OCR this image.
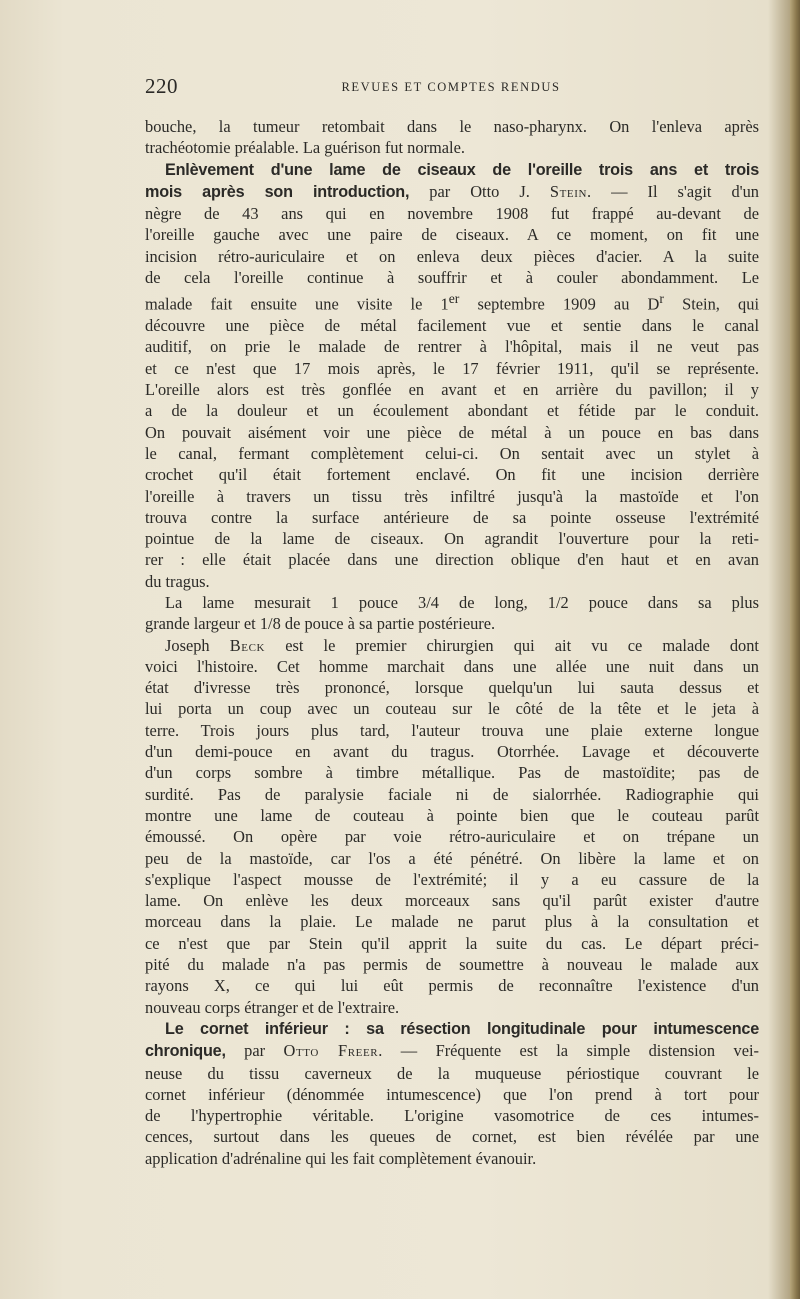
220	REVUES ET COMPTES RENDUS

bouche, la tumeur retombait dans le naso-pharynx. On l'enleva après

trachéotomie préalable. La guérison fut normale.

Enlèvement d'une lame de ciseaux de l'oreille trois ans et trois

mois après son introduction, par Otto J. Stein. — Il s'agit d'un

nègre de 43 ans qui en novembre 1908 fut frappé au-devant de

l'oreille gauche avec une paire de ciseaux. A ce moment, on fit une

incision rétro-auriculaire et on enleva deux pièces d'acier. A la suite

de cela l'oreille continue à souffrir et à couler abondamment. Le

malade fait ensuite une visite le 1er septembre 1909 au $D^r$ Stein, qui

découvre une pièce de métal facilement vue et sentie dans le canal

auditif, on prie le malade de rentrer à l'hôpital, mais il ne veut pas

et ce n'est que 17 mois après, le 17 février 1911, qu'il se représente.

L'oreille alors est très gonflée en avant et en arrière du pavillon; il y

a de la douleur et un écoulement abondant et fétide par le conduit.

On pouvait aisément voir une pièce de métal à un pouce en bas dans

le canal, fermant complètement celui-ci. On sentait avec un stylet à

crochet qu'il était fortement enclavé. On fit une incision derrière

l'oreille à travers un tissu très infiltré jusqu'à la mastoïde et l'on

trouva contre la surface antérieure de sa pointe osseuse l'extrémité

pointue de la lame de ciseaux. On agrandit l'ouverture pour la reti-

rer : elle était placée dans une direction oblique d'en haut et en avan

du tragus.

La lame mesurait 1 pouce 3/4 de long, 1/2 pouce dans sa plus

grande largeur et 1/8 de pouce à sa partie postérieure.

Joseph Beck est le premier chirurgien qui ait vu ce malade dont

voici l'histoire. Cet homme marchait dans une allée une nuit dans un

état d'ivresse très prononcé, lorsque quelqu'un lui sauta dessus et

lui porta un coup avec un couteau sur le côté de la tête et le jeta à

terre. Trois jours plus tard, l'auteur trouva une plaie externe longue

d'un demi-pouce en avant du tragus. Otorrhée. Lavage et découverte

d'un corps sombre à timbre métallique. Pas de mastoïdite; pas de

surdité. Pas de paralysie faciale ni de sialorrhée. Radiographie qui

montre une lame de couteau à pointe bien que le couteau parût

émoussé. On opère par voie rétro-auriculaire et on trépane un

peu de la mastoïde, car l'os a été pénétré. On libère la lame et on

s'explique l'aspect mousse de l'extrémité; il y a eu cassure de la

lame. On enlève les deux morceaux sans qu'il parût exister d'autre

morceau dans la plaie. Le malade ne parut plus à la consultation et

ce n'est que par Stein qu'il apprit la suite du cas. Le départ préci-

pité du malade n'a pas permis de soumettre à nouveau le malade aux

rayons X, ce qui lui eût permis de reconnaître l'existence d'un

nouveau corps étranger et de l'extraire.

Le cornet inférieur : sa résection longitudinale pour intumescence

chronique, par Otto Freer. — Fréquente est la simple distension vei-

neuse du tissu caverneux de la muqueuse périostique couvrant le

cornet inférieur (dénommée intumescence) que l'on prend à tort pour

de l'hypertrophie véritable. L'origine vasomotrice de ces intumes-

cences, surtout dans les queues de cornet, est bien révélée par une

application d'adrénaline qui les fait complètement évanouir.
